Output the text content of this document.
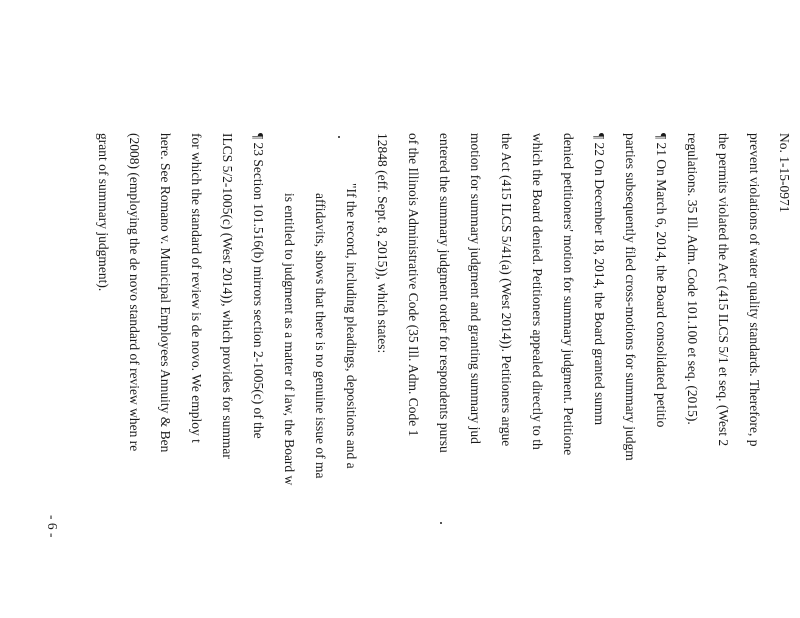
No. 1-15-0971
prevent violations of water quality standards. Therefore, p
the permits violated the Act (415 ILCS 5/1 et seq. (West 2
regulations. 35 Ill. Adm. Code 101.100 et seq. (2015).
¶ 21 On March 6, 2014, the Board consolidated petitio
parties subsequently filed cross-motions for summary judgm
¶ 22 On December 18, 2014, the Board granted summ
denied petitioners' motion for summary judgment. Petitione
which the Board denied. Petitioners appealed directly to th
the Act (415 ILCS 5/41(a) (West 2014)). Petitioners argue
motion for summary judgment and granting summary jud
entered the summary judgment order for respondents pursu
of the Illinois Administrative Code (35 Ill. Adm. Code 1
12848 (eff. Sept. 8, 2015)), which states:
"If the record, including pleadings, depositions and a
affidavits, shows that there is no genuine issue of ma
is entitled to judgment as a matter of law, the Board w
¶ 23 Section 101.516(b) mirrors section 2-1005(c) of the
ILCS 5/2-1005(c) (West 2014)), which provides for summar
for which the standard of review is de novo. We employ t
here. See Romano v. Municipal Employees Annuity & Ben
(2008) (employing the de novo standard of review when re
grant of summary judgment).
- 6 -
